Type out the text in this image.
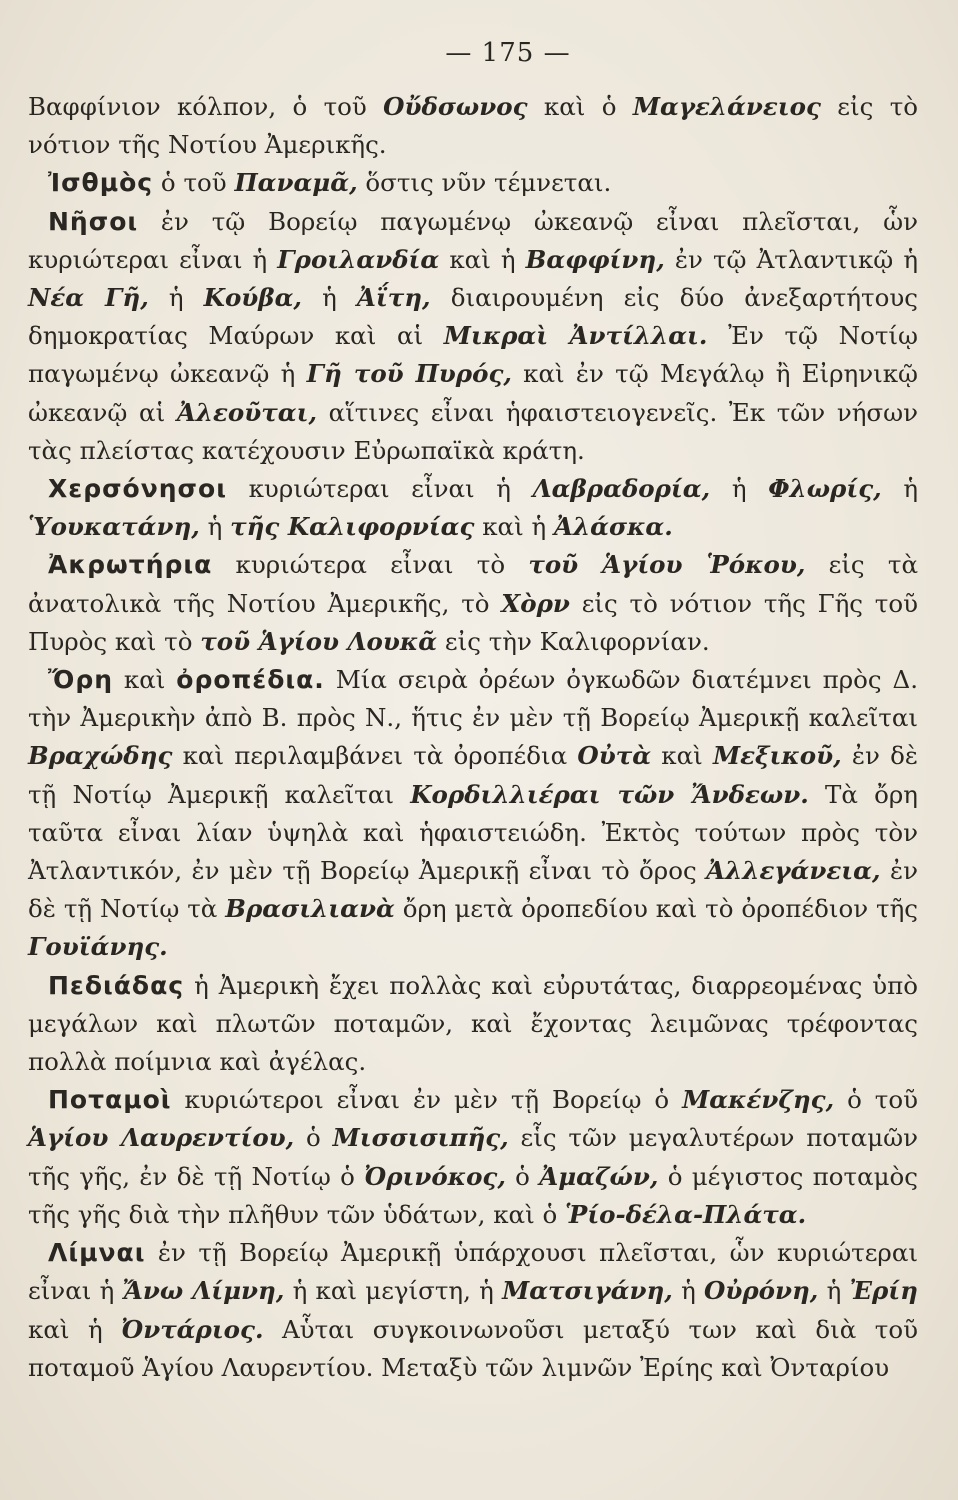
— 175 —

Βαφφίνιον κόλπον, ὁ τοῦ Οὔδσωνος καὶ ὁ Μαγελάνειος εἰς τὸ νότιον τῆς Νοτίου Ἀμερικῆς.

Ἰσθμὸς ὁ τοῦ Παναμᾶ, ὅστις νῦν τέμνεται.

Νῆσοι ἐν τῷ Βορείῳ παγωμένῳ ὠκεανῷ εἶναι πλεῖσται, ὧν κυριώτεραι εἶναι ἡ Γροιλανδία καὶ ἡ Βαφφίνη, ἐν τῷ Ἀτλαντικῷ ἡ Νέα Γῆ, ἡ Κούβα, ἡ Ἀΐτη, διαιρουμένη εἰς δύο ἀνεξαρτήτους δημοκρατίας Μαύρων καὶ αἱ Μικραὶ Ἀντίλλαι. Ἐν τῷ Νοτίῳ παγωμένῳ ὠκεανῷ ἡ Γῆ τοῦ Πυρός, καὶ ἐν τῷ Μεγάλῳ ἢ Εἰρηνικῷ ὠκεανῷ αἱ Ἀλεοῦται, αἵτινες εἶναι ἡφαιστειογενεῖς. Ἐκ τῶν νήσων τὰς πλείστας κατέχουσιν Εὐρωπαϊκὰ κράτη.

Χερσόνησοι κυριώτεραι εἶναι ἡ Λαβραδορία, ἡ Φλωρίς, ἡ Ὑουκατάνη, ἡ τῆς Καλιφορνίας καὶ ἡ Ἀλάσκα.

Ἀκρωτήρια κυριώτερα εἶναι τὸ τοῦ Ἁγίου Ῥόκου, εἰς τὰ ἀνατολικὰ τῆς Νοτίου Ἀμερικῆς, τὸ Χὸρν εἰς τὸ νότιον τῆς Γῆς τοῦ Πυρὸς καὶ τὸ τοῦ Ἁγίου Λουκᾶ εἰς τὴν Καλιφορνίαν.

Ὄρη καὶ ὀροπέδια. Μία σειρὰ ὀρέων ὀγκωδῶν διατέμνει πρὸς Δ. τὴν Ἀμερικὴν ἀπὸ Β. πρὸς Ν., ἥτις ἐν μὲν τῇ Βορείῳ Ἀμερικῇ καλεῖται Βραχώδης καὶ περιλαμβάνει τὰ ὀροπέδια Οὐτὰ καὶ Μεξικοῦ, ἐν δὲ τῇ Νοτίῳ Ἀμερικῇ καλεῖται Κορδιλλιέραι τῶν Ἄνδεων. Τὰ ὄρη ταῦτα εἶναι λίαν ὑψηλὰ καὶ ἡφαιστειώδη. Ἐκτὸς τούτων πρὸς τὸν Ἀτλαντικόν, ἐν μὲν τῇ Βορείῳ Ἀμερικῇ εἶναι τὸ ὄρος Ἀλλεγάνεια, ἐν δὲ τῇ Νοτίῳ τὰ Βρασιλιανὰ ὄρη μετὰ ὀροπεδίου καὶ τὸ ὀροπέδιον τῆς Γουϊάνης.

Πεδιάδας ἡ Ἀμερικὴ ἔχει πολλὰς καὶ εὐρυτάτας, διαρρεομένας ὑπὸ μεγάλων καὶ πλωτῶν ποταμῶν, καὶ ἔχοντας λειμῶνας τρέφοντας πολλὰ ποίμνια καὶ ἀγέλας.

Ποταμοὶ κυριώτεροι εἶναι ἐν μὲν τῇ Βορείῳ ὁ Μακένζης, ὁ τοῦ Ἁγίου Λαυρεντίου, ὁ Μισσισιπῆς, εἷς τῶν μεγαλυτέρων ποταμῶν τῆς γῆς, ἐν δὲ τῇ Νοτίῳ ὁ Ὀρινόκος, ὁ Ἀμαζών, ὁ μέγιστος ποταμὸς τῆς γῆς διὰ τὴν πλῆθυν τῶν ὑδάτων, καὶ ὁ Ῥίο-δέλα-Πλάτα.

Λίμναι ἐν τῇ Βορείῳ Ἀμερικῇ ὑπάρχουσι πλεῖσται, ὧν κυριώτεραι εἶναι ἡ Ἄνω Λίμνη, ἡ καὶ μεγίστη, ἡ Ματσιγάνη, ἡ Οὐρόνη, ἡ Ἐρίη καὶ ἡ Ὀντάριος. Αὗται συγκοινωνοῦσι μεταξύ των καὶ διὰ τοῦ ποταμοῦ Ἁγίου Λαυρεντίου. Μεταξὺ τῶν λιμνῶν Ἐρίης καὶ Ὀνταρίου
